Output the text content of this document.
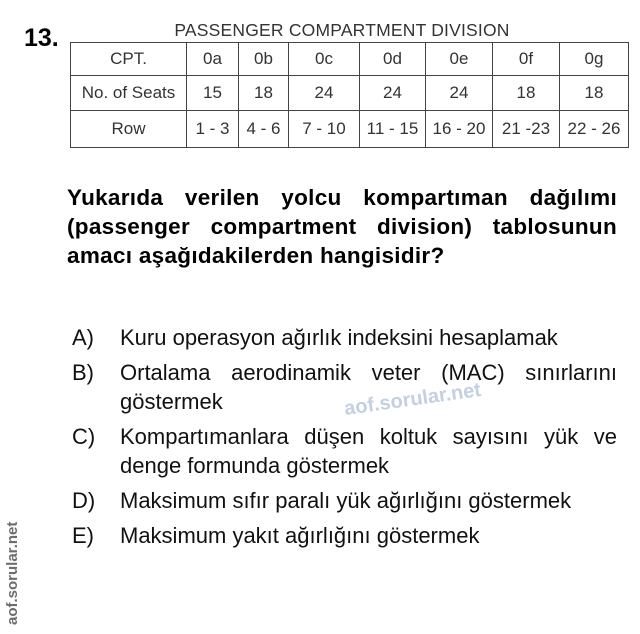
13.	PASSENGER COMPARTMENT DIVISION
CPT.	0a	0b	0c	0d	0e	0f	0g
No. of Seats	15	18	24	24	24	18	18
Row	1 - 3	4 - 6	7 - 10	11 - 15	16 - 20	21 -23	22 - 26
Yukarıda verilen yolcu kompartıman dağılımı (passenger compartment division) tablosunun amacı aşağıdakilerden hangisidir?
A)	Kuru operasyon ağırlık indeksini hesaplamak
B)	Ortalama aerodinamik veter (MAC) sınırlarını göstermek
C)	Kompartımanlara düşen koltuk sayısını yük ve denge formunda göstermek
D)	Maksimum sıfır paralı yük ağırlığını göstermek
E)	Maksimum yakıt ağırlığını göstermek
aof.sorular.net
aof.sorular.net
